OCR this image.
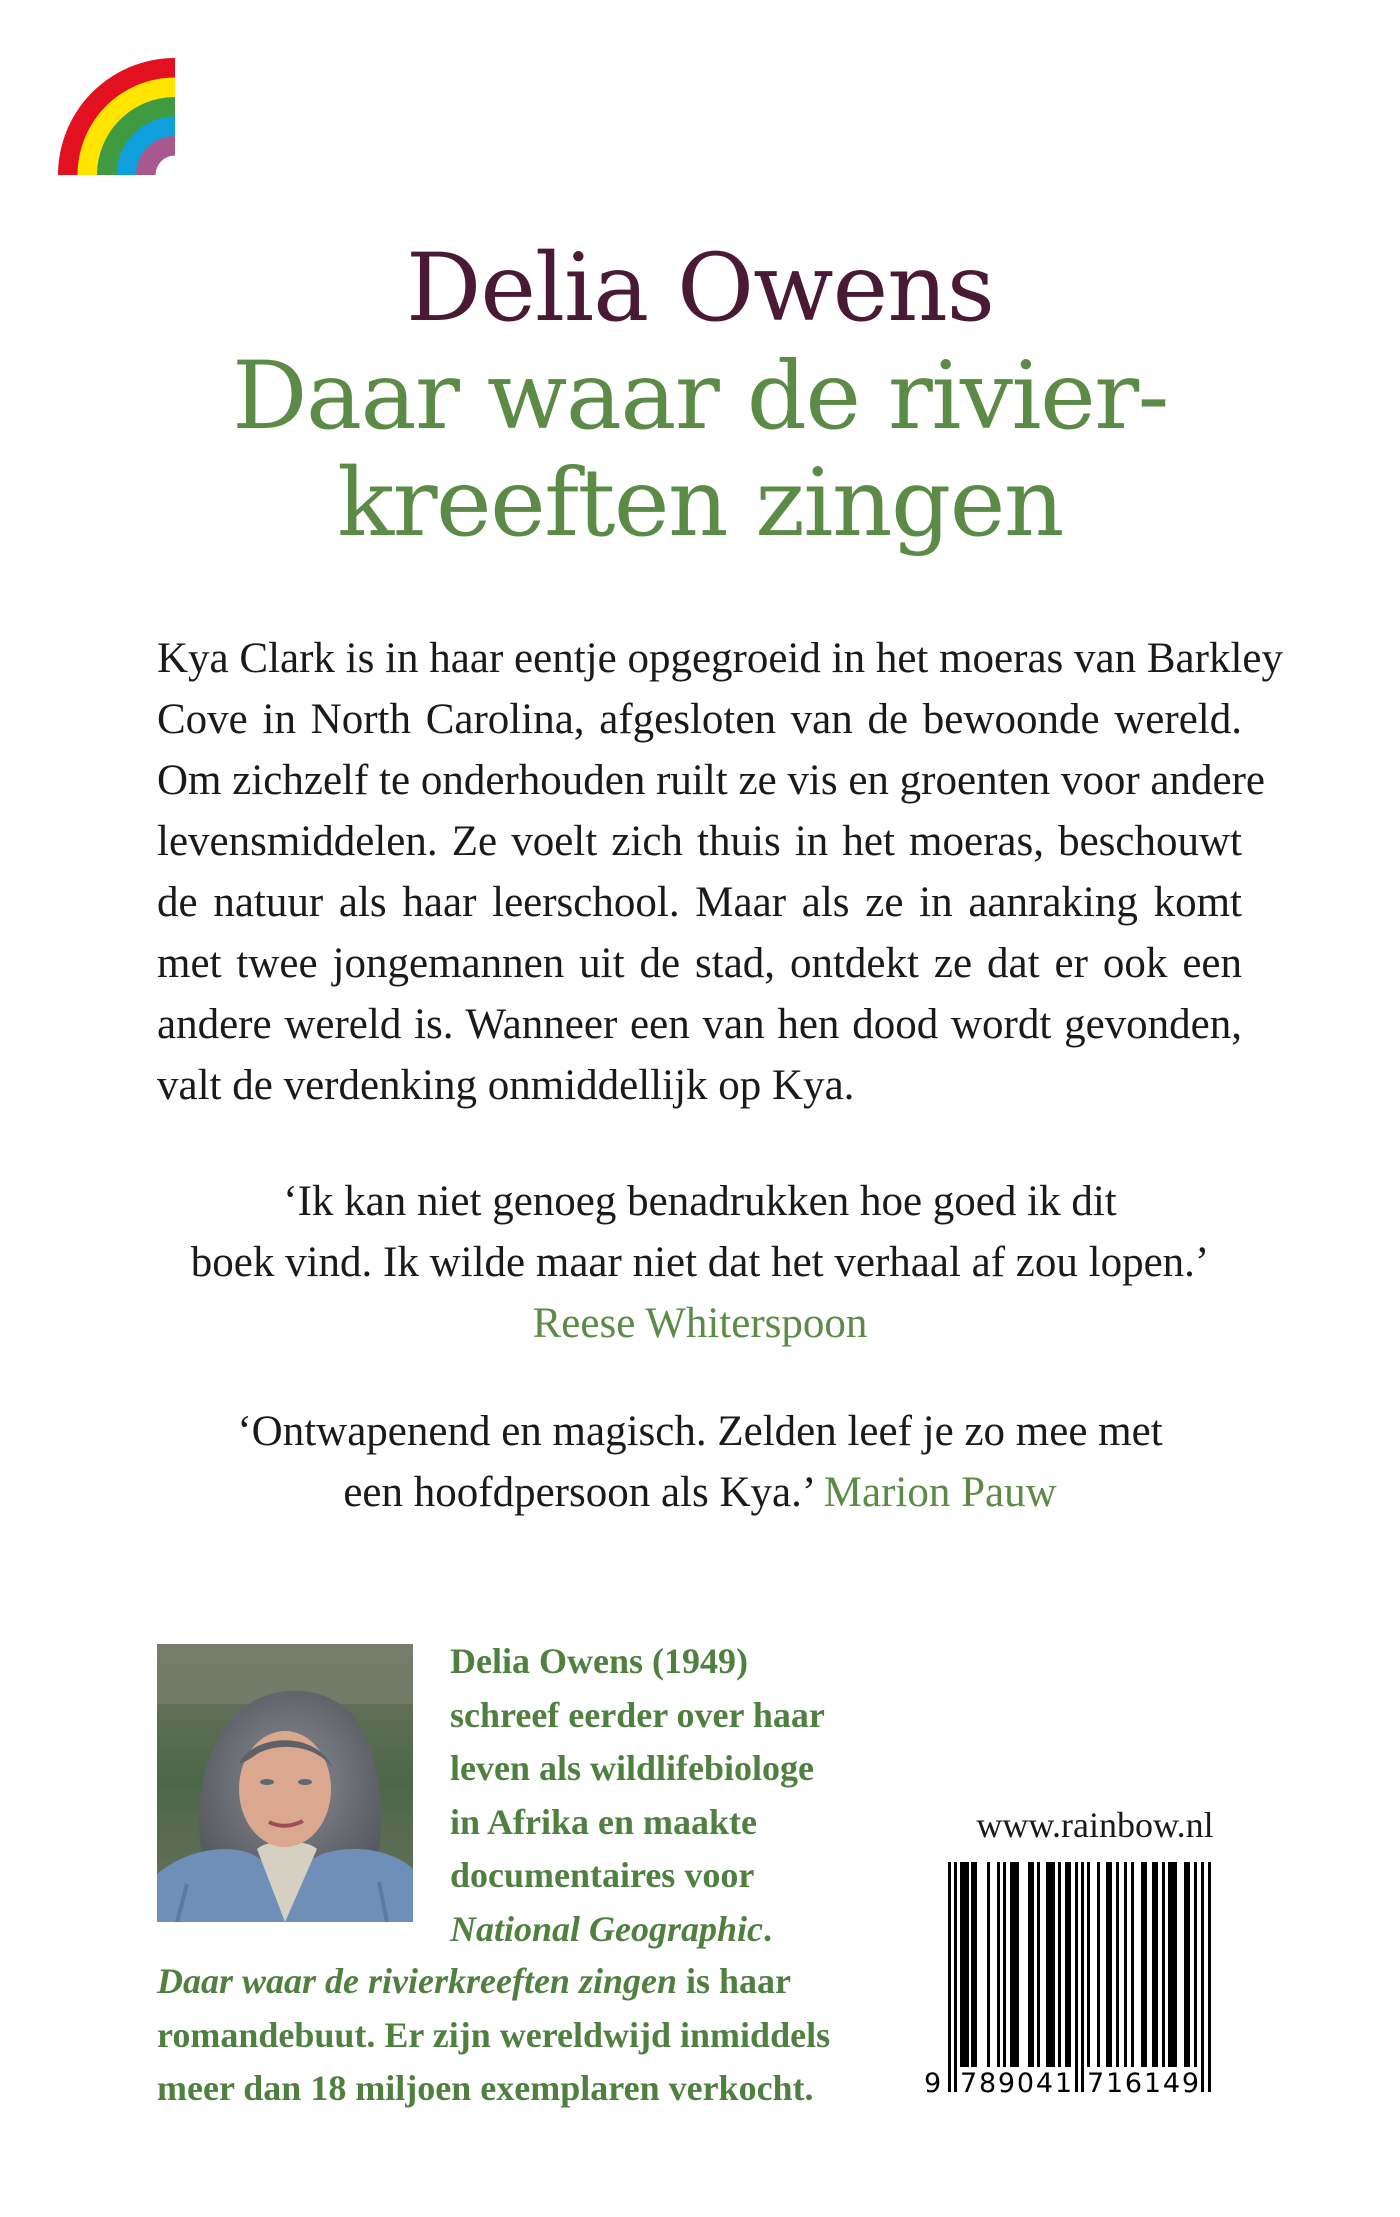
Delia Owens
Daar waar de rivier-
kreeften zingen
Kya Clark is in haar eentje opgegroeid in het moeras van Barkley
Cove in North Carolina, afgesloten van de bewoonde wereld.
Om zichzelf te onderhouden ruilt ze vis en groenten voor andere
levensmiddelen. Ze voelt zich thuis in het moeras, beschouwt
de natuur als haar leerschool. Maar als ze in aanraking komt
met twee jongemannen uit de stad, ontdekt ze dat er ook een
andere wereld is. Wanneer een van hen dood wordt gevonden,
valt de verdenking onmiddellijk op Kya.
‘Ik kan niet genoeg benadrukken hoe goed ik dit
boek vind. Ik wilde maar niet dat het verhaal af zou lopen.’
Reese Whiterspoon
‘Ontwapenend en magisch. Zelden leef je zo mee met
een hoofdpersoon als Kya.’ Marion Pauw
Delia Owens (1949)
schreef eerder over haar
leven als wildlifebiologe
in Afrika en maakte
documentaires voor
National Geographic.
Daar waar de rivierkreeften zingen is haar
romandebuut. Er zijn wereldwijd inmiddels
meer dan 18 miljoen exemplaren verkocht.
www.rainbow.nl
9 789041 716149
